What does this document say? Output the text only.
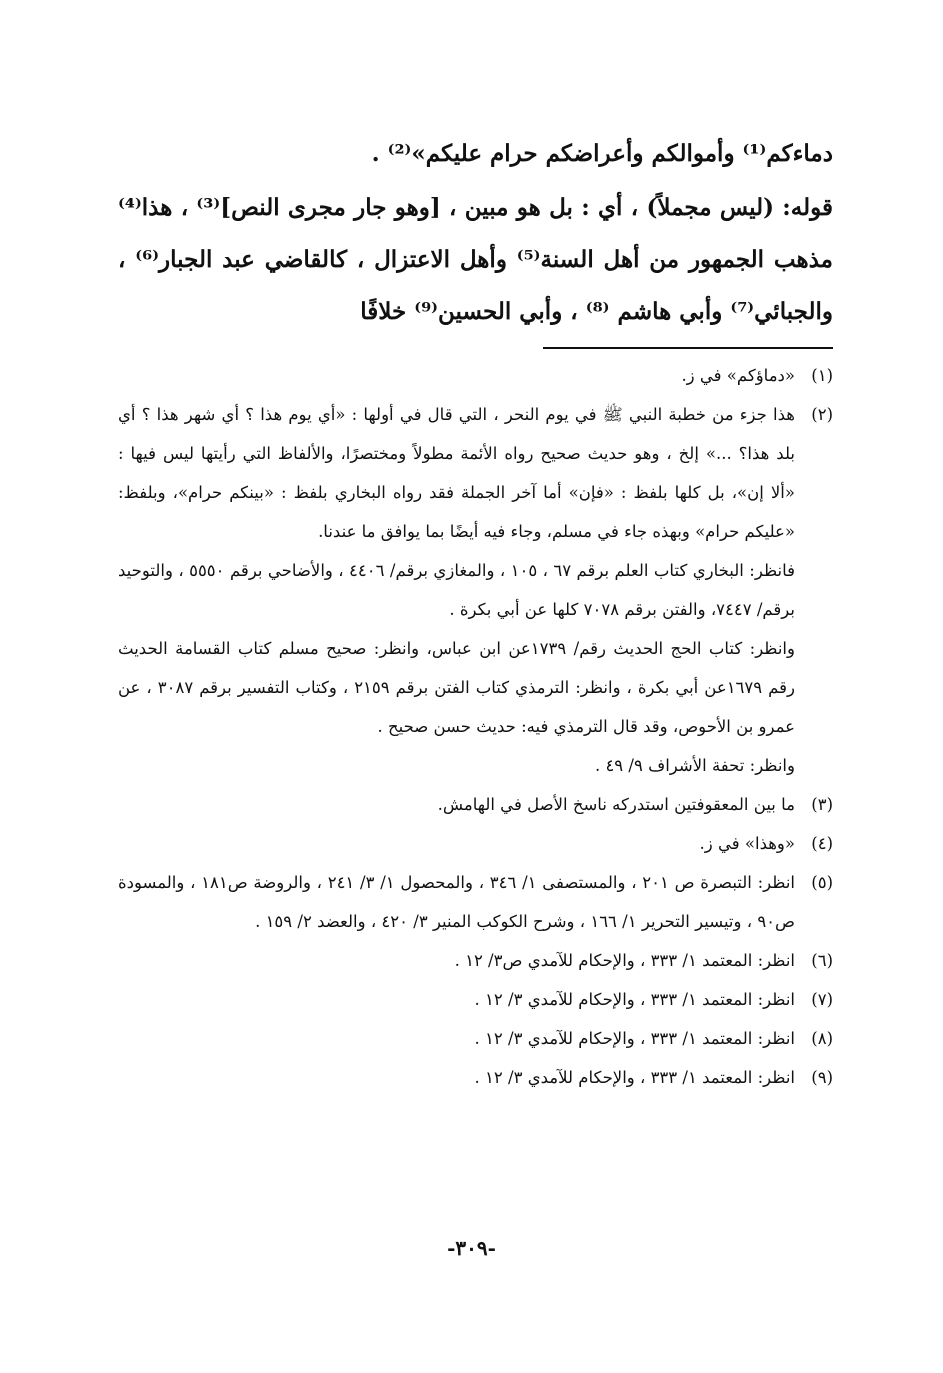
دماءكم⁽¹⁾ وأموالكم وأعراضكم حرام عليكم»⁽²⁾ .

قوله: (ليس مجملاً) ، أي : بل هو مبين ، [وهو جار مجرى النص]⁽³⁾ ، هذا⁽⁴⁾ مذهب الجمهور من أهل السنة⁽⁵⁾ وأهل الاعتزال ، كالقاضي عبد الجبار⁽⁶⁾ ، والجبائي⁽⁷⁾ وأبي هاشم ⁽⁸⁾ ، وأبي الحسين⁽⁹⁾ خلافًا

(١)

«دماؤكم» في ز.

(٢)

هذا جزء من خطبة النبي ﷺ في يوم النحر ، التي قال في أولها : «أي يوم هذا ؟ أي شهر هذا ؟ أي بلد هذا؟ ...» إلخ ، وهو حديث صحيح رواه الأئمة مطولاً ومختصرًا، والألفاظ التي رأيتها ليس فيها : «ألا إن»، بل كلها بلفظ : «فإن» أما آخر الجملة فقد رواه البخاري بلفظ : «بينكم حرام»، وبلفظ: «عليكم حرام» وبهذه جاء في مسلم، وجاء فيه أيضًا بما يوافق ما عندنا.

فانظر: البخاري كتاب العلم برقم ٦٧ ، ١٠٥ ، والمغازي برقم/ ٤٤٠٦ ، والأضاحي برقم ٥٥٥٠ ، والتوحيد برقم/ ٧٤٤٧، والفتن برقم ٧٠٧٨ كلها عن أبي بكرة .

وانظر: كتاب الحج الحديث رقم/ ١٧٣٩عن ابن عباس، وانظر: صحيح مسلم كتاب القسامة الحديث رقم ١٦٧٩عن أبي بكرة ، وانظر: الترمذي كتاب الفتن برقم ٢١٥٩ ، وكتاب التفسير برقم ٣٠٨٧ ، عن عمرو بن الأحوص، وقد قال الترمذي فيه: حديث حسن صحيح .

وانظر: تحفة الأشراف ٩/ ٤٩ .

(٣)

ما بين المعقوفتين استدركه ناسخ الأصل في الهامش.

(٤)

«وهذا» في ز.

(٥)

انظر: التبصرة ص ٢٠١ ، والمستصفى ١/ ٣٤٦ ، والمحصول ١/ ٣/ ٢٤١ ، والروضة ص١٨١ ، والمسودة ص٩٠ ، وتيسير التحرير ١/ ١٦٦ ، وشرح الكوكب المنير ٣/ ٤٢٠ ، والعضد ٢/ ١٥٩ .

(٦)

انظر: المعتمد ١/ ٣٣٣ ، والإحكام للآمدي ص٣/ ١٢ .

(٧)

انظر: المعتمد ١/ ٣٣٣ ، والإحكام للآمدي ٣/ ١٢ .

(٨)

انظر: المعتمد ١/ ٣٣٣ ، والإحكام للآمدي ٣/ ١٢ .

(٩)

انظر: المعتمد ١/ ٣٣٣ ، والإحكام للآمدي ٣/ ١٢ .

-٣٠٩-
